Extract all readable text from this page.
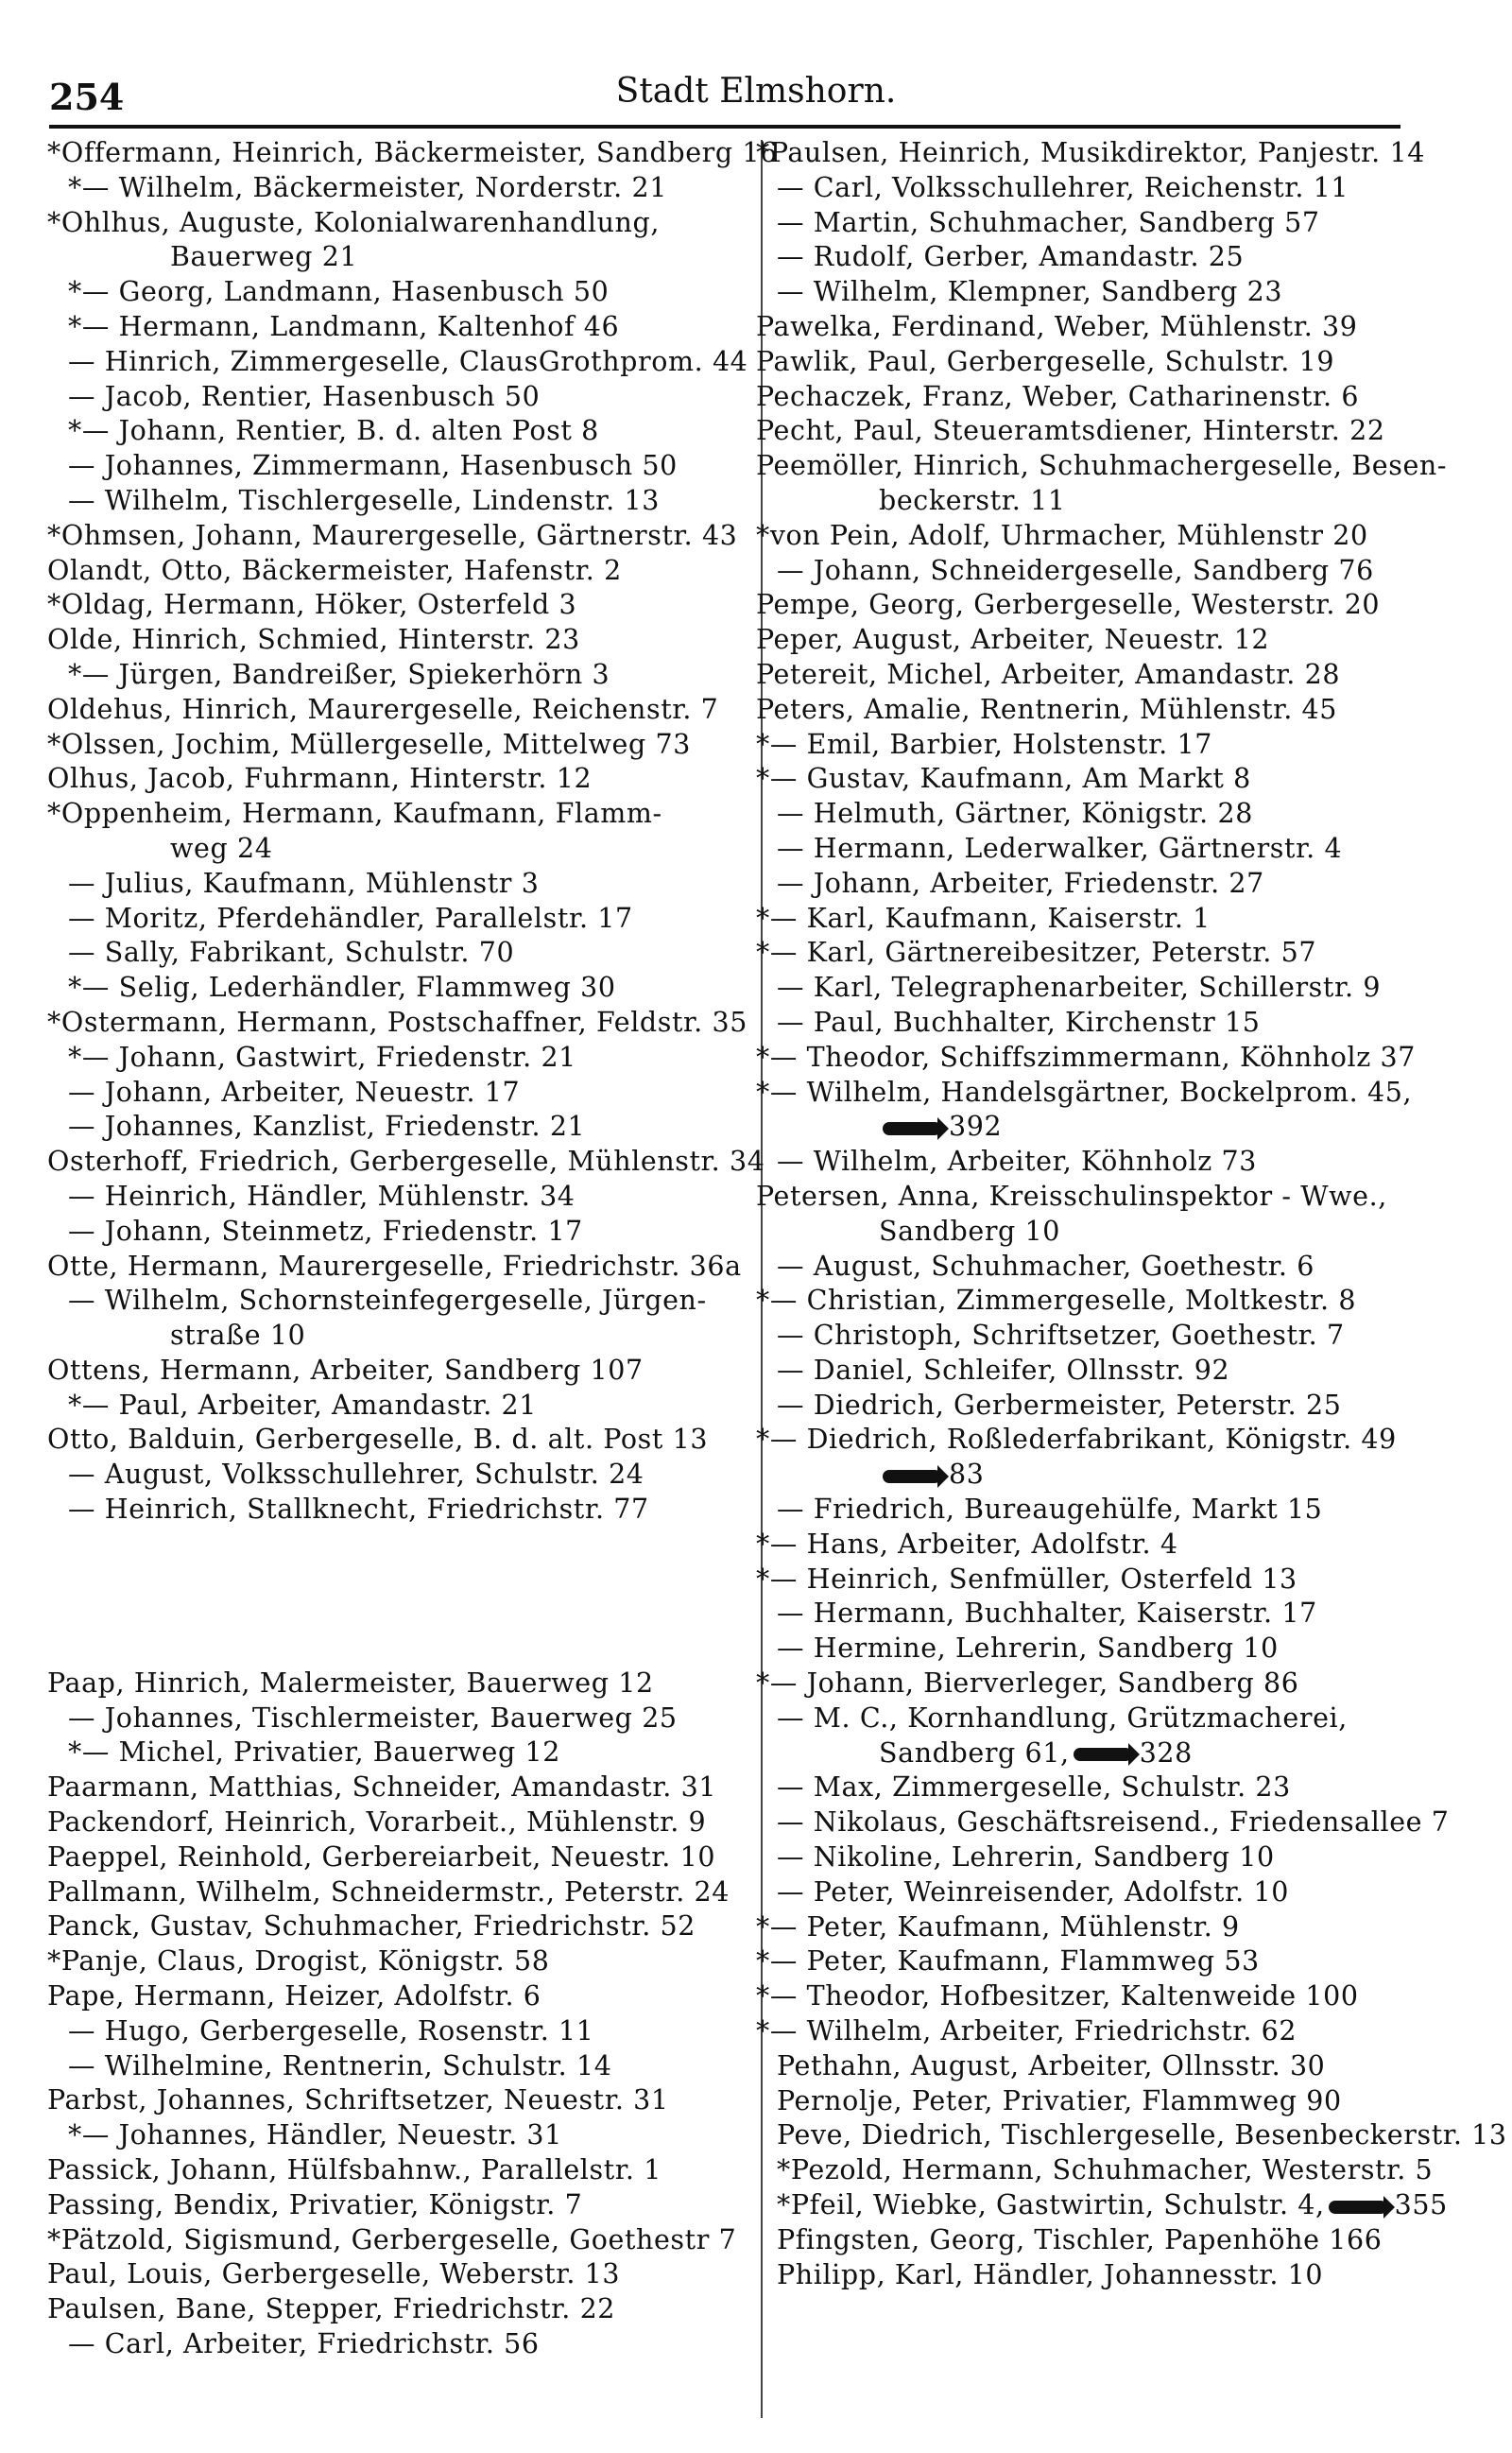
254	Stadt Elmshorn.
*Offermann, Heinrich, Bäckermeister, Sandberg 16
*— Wilhelm, Bäckermeister, Norderstr. 21
*Ohlhus, Auguste, Kolonialwarenhandlung,
Bauerweg 21
*— Georg, Landmann, Hasenbusch 50
*— Hermann, Landmann, Kaltenhof 46
— Hinrich, Zimmergeselle, ClausGrothprom. 44
— Jacob, Rentier, Hasenbusch 50
*— Johann, Rentier, B. d. alten Post 8
— Johannes, Zimmermann, Hasenbusch 50
— Wilhelm, Tischlergeselle, Lindenstr. 13
*Ohmsen, Johann, Maurergeselle, Gärtnerstr. 43
Olandt, Otto, Bäckermeister, Hafenstr. 2
*Oldag, Hermann, Höker, Osterfeld 3
Olde, Hinrich, Schmied, Hinterstr. 23
*— Jürgen, Bandreißer, Spiekerhörn 3
Oldehus, Hinrich, Maurergeselle, Reichenstr. 7
*Olssen, Jochim, Müllergeselle, Mittelweg 73
Olhus, Jacob, Fuhrmann, Hinterstr. 12
*Oppenheim, Hermann, Kaufmann, Flamm-
weg 24
— Julius, Kaufmann, Mühlenstr 3
— Moritz, Pferdehändler, Parallelstr. 17
— Sally, Fabrikant, Schulstr. 70
*— Selig, Lederhändler, Flammweg 30
*Ostermann, Hermann, Postschaffner, Feldstr. 35
*— Johann, Gastwirt, Friedenstr. 21
— Johann, Arbeiter, Neuestr. 17
— Johannes, Kanzlist, Friedenstr. 21
Osterhoff, Friedrich, Gerbergeselle, Mühlenstr. 34
— Heinrich, Händler, Mühlenstr. 34
— Johann, Steinmetz, Friedenstr. 17
Otte, Hermann, Maurergeselle, Friedrichstr. 36a
— Wilhelm, Schornsteinfegergeselle, Jürgen-
straße 10
Ottens, Hermann, Arbeiter, Sandberg 107
*— Paul, Arbeiter, Amandastr. 21
Otto, Balduin, Gerbergeselle, B. d. alt. Post 13
— August, Volksschullehrer, Schulstr. 24
— Heinrich, Stallknecht, Friedrichstr. 77
Paap, Hinrich, Malermeister, Bauerweg 12
— Johannes, Tischlermeister, Bauerweg 25
*— Michel, Privatier, Bauerweg 12
Paarmann, Matthias, Schneider, Amandastr. 31
Packendorf, Heinrich, Vorarbeit., Mühlenstr. 9
Paeppel, Reinhold, Gerbereiarbeit, Neuestr. 10
Pallmann, Wilhelm, Schneidermstr., Peterstr. 24
Panck, Gustav, Schuhmacher, Friedrichstr. 52
*Panje, Claus, Drogist, Königstr. 58
Pape, Hermann, Heizer, Adolfstr. 6
— Hugo, Gerbergeselle, Rosenstr. 11
— Wilhelmine, Rentnerin, Schulstr. 14
Parbst, Johannes, Schriftsetzer, Neuestr. 31
*— Johannes, Händler, Neuestr. 31
Passick, Johann, Hülfsbahnw., Parallelstr. 1
Passing, Bendix, Privatier, Königstr. 7
*Pätzold, Sigismund, Gerbergeselle, Goethestr 7
Paul, Louis, Gerbergeselle, Weberstr. 13
Paulsen, Bane, Stepper, Friedrichstr. 22
— Carl, Arbeiter, Friedrichstr. 56
*Paulsen, Heinrich, Musikdirektor, Panjestr. 14
— Carl, Volksschullehrer, Reichenstr. 11
— Martin, Schuhmacher, Sandberg 57
— Rudolf, Gerber, Amandastr. 25
— Wilhelm, Klempner, Sandberg 23
Pawelka, Ferdinand, Weber, Mühlenstr. 39
Pawlik, Paul, Gerbergeselle, Schulstr. 19
Pechaczek, Franz, Weber, Catharinenstr. 6
Pecht, Paul, Steueramtsdiener, Hinterstr. 22
Peemöller, Hinrich, Schuhmachergeselle, Besen-
beckerstr. 11
*von Pein, Adolf, Uhrmacher, Mühlenstr 20
— Johann, Schneidergeselle, Sandberg 76
Pempe, Georg, Gerbergeselle, Westerstr. 20
Peper, August, Arbeiter, Neuestr. 12
Petereit, Michel, Arbeiter, Amandastr. 28
Peters, Amalie, Rentnerin, Mühlenstr. 45
*— Emil, Barbier, Holstenstr. 17
*— Gustav, Kaufmann, Am Markt 8
— Helmuth, Gärtner, Königstr. 28
— Hermann, Lederwalker, Gärtnerstr. 4
— Johann, Arbeiter, Friedenstr. 27
*— Karl, Kaufmann, Kaiserstr. 1
*— Karl, Gärtnereibesitzer, Peterstr. 57
— Karl, Telegraphenarbeiter, Schillerstr. 9
— Paul, Buchhalter, Kirchenstr 15
*— Theodor, Schiffszimmermann, Köhnholz 37
*— Wilhelm, Handelsgärtner, Bockelprom. 45,
392
— Wilhelm, Arbeiter, Köhnholz 73
Petersen, Anna, Kreisschulinspektor - Wwe.,
Sandberg 10
— August, Schuhmacher, Goethestr. 6
*— Christian, Zimmergeselle, Moltkestr. 8
— Christoph, Schriftsetzer, Goethestr. 7
— Daniel, Schleifer, Ollnsstr. 92
— Diedrich, Gerbermeister, Peterstr. 25
*— Diedrich, Roßlederfabrikant, Königstr. 49
83
— Friedrich, Bureaugehülfe, Markt 15
*— Hans, Arbeiter, Adolfstr. 4
*— Heinrich, Senfmüller, Osterfeld 13
— Hermann, Buchhalter, Kaiserstr. 17
— Hermine, Lehrerin, Sandberg 10
*— Johann, Bierverleger, Sandberg 86
— M. C., Kornhandlung, Grützmacherei,
Sandberg 61,	328
— Max, Zimmergeselle, Schulstr. 23
— Nikolaus, Geschäftsreisend., Friedensallee 7
— Nikoline, Lehrerin, Sandberg 10
— Peter, Weinreisender, Adolfstr. 10
*— Peter, Kaufmann, Mühlenstr. 9
*— Peter, Kaufmann, Flammweg 53
*— Theodor, Hofbesitzer, Kaltenweide 100
*— Wilhelm, Arbeiter, Friedrichstr. 62
Pethahn, August, Arbeiter, Ollnsstr. 30
Pernolje, Peter, Privatier, Flammweg 90
Peve, Diedrich, Tischlergeselle, Besenbeckerstr. 13
*Pezold, Hermann, Schuhmacher, Westerstr. 5
*Pfeil, Wiebke, Gastwirtin, Schulstr. 4,	355
Pfingsten, Georg, Tischler, Papenhöhe 166
Philipp, Karl, Händler, Johannesstr. 10
